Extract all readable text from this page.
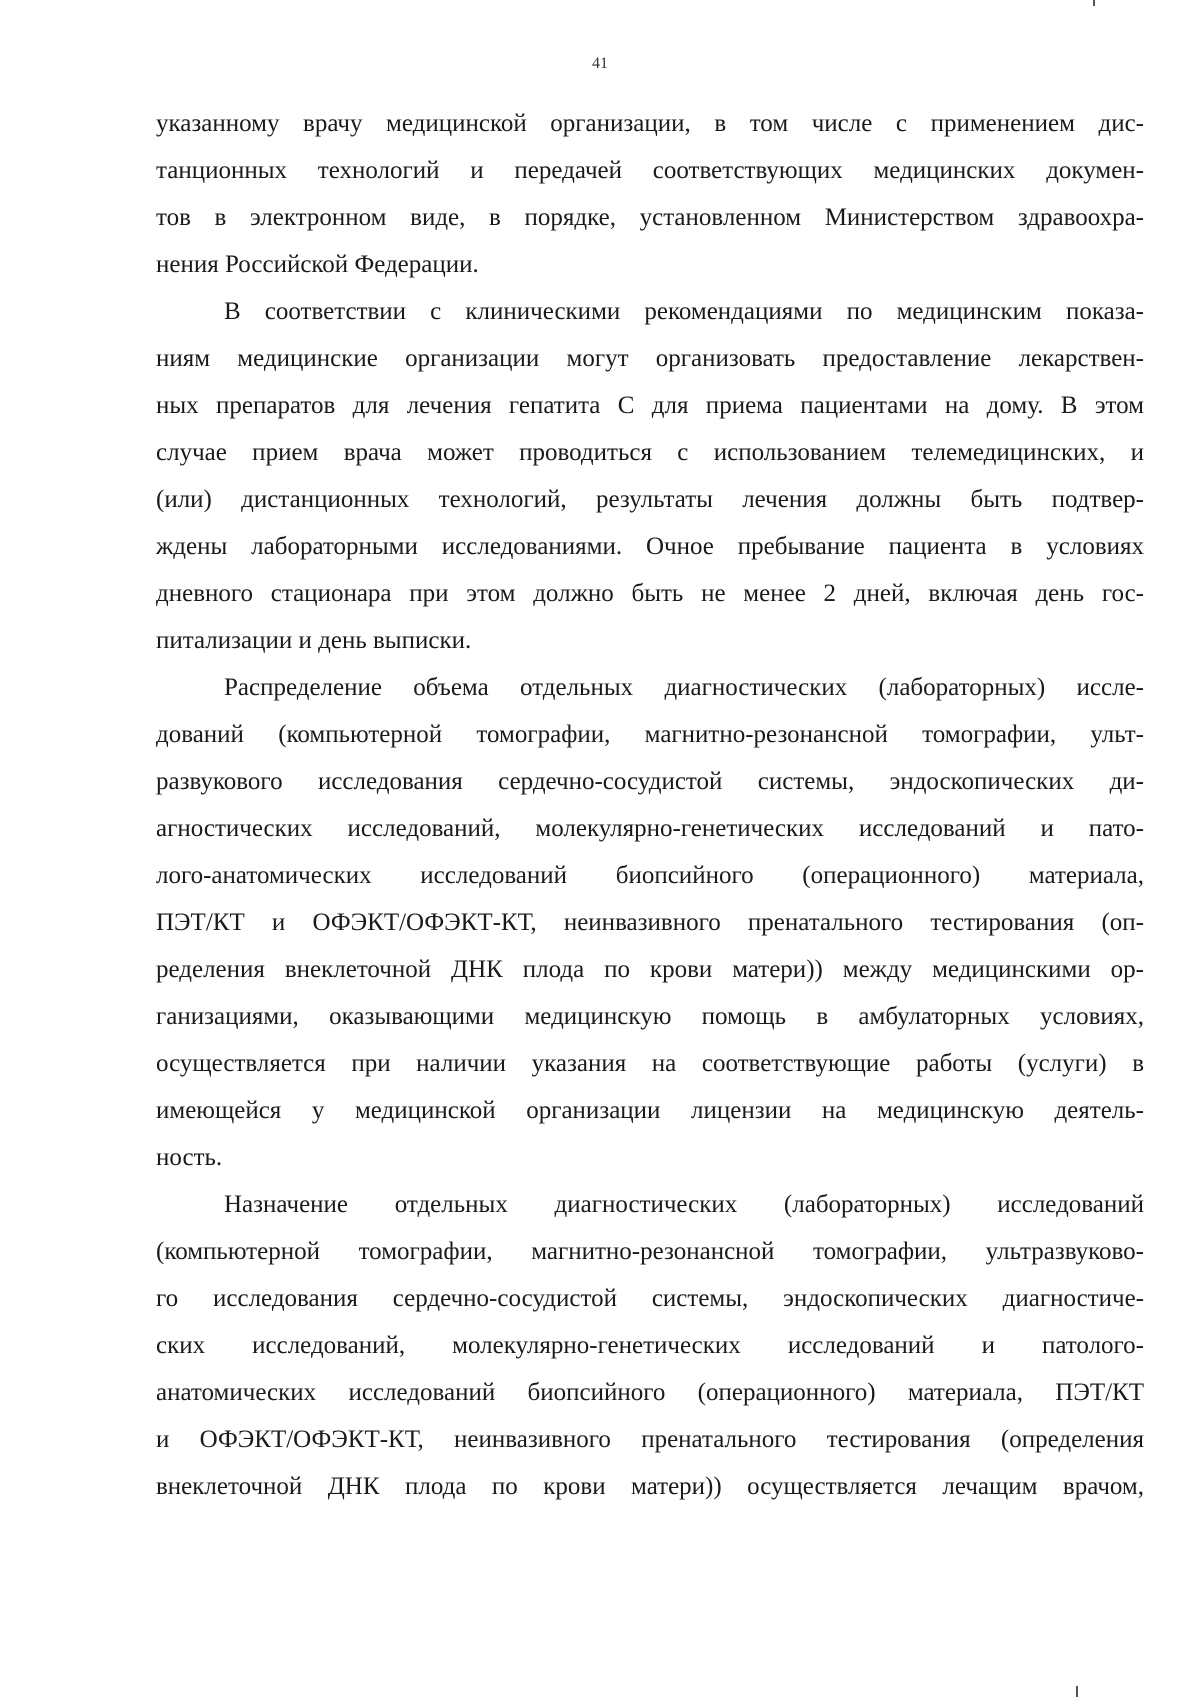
41
указанному врачу медицинской организации, в том числе с применением дис-
танционных технологий и передачей соответствующих медицинских докумен-
тов в электронном виде, в порядке, установленном Министерством здравоохра-
нения Российской Федерации.
В соответствии с клиническими рекомендациями по медицинским показа-
ниям медицинские организации могут организовать предоставление лекарствен-
ных препаратов для лечения гепатита С для приема пациентами на дому. В этом
случае прием врача может проводиться с использованием телемедицинских, и
(или) дистанционных технологий, результаты лечения должны быть подтвер-
ждены лабораторными исследованиями. Очное пребывание пациента в условиях
дневного стационара при этом должно быть не менее 2 дней, включая день гос-
питализации и день выписки.
Распределение объема отдельных диагностических (лабораторных) иссле-
дований (компьютерной томографии, магнитно-резонансной томографии, ульт-
развукового исследования сердечно-сосудистой системы, эндоскопических ди-
агностических исследований, молекулярно-генетических исследований и пато-
лого-анатомических исследований биопсийного (операционного) материала,
ПЭТ/КТ и ОФЭКТ/ОФЭКТ-КТ, неинвазивного пренатального тестирования (оп-
ределения внеклеточной ДНК плода по крови матери)) между медицинскими ор-
ганизациями, оказывающими медицинскую помощь в амбулаторных условиях,
осуществляется при наличии указания на соответствующие работы (услуги) в
имеющейся у медицинской организации лицензии на медицинскую деятель-
ность.
Назначение отдельных диагностических (лабораторных) исследований
(компьютерной томографии, магнитно-резонансной томографии, ультразвуково-
го исследования сердечно-сосудистой системы, эндоскопических диагностиче-
ских исследований, молекулярно-генетических исследований и патолого-
анатомических исследований биопсийного (операционного) материала, ПЭТ/КТ
и ОФЭКТ/ОФЭКТ-КТ, неинвазивного пренатального тестирования (определения
внеклеточной ДНК плода по крови матери)) осуществляется лечащим врачом,
